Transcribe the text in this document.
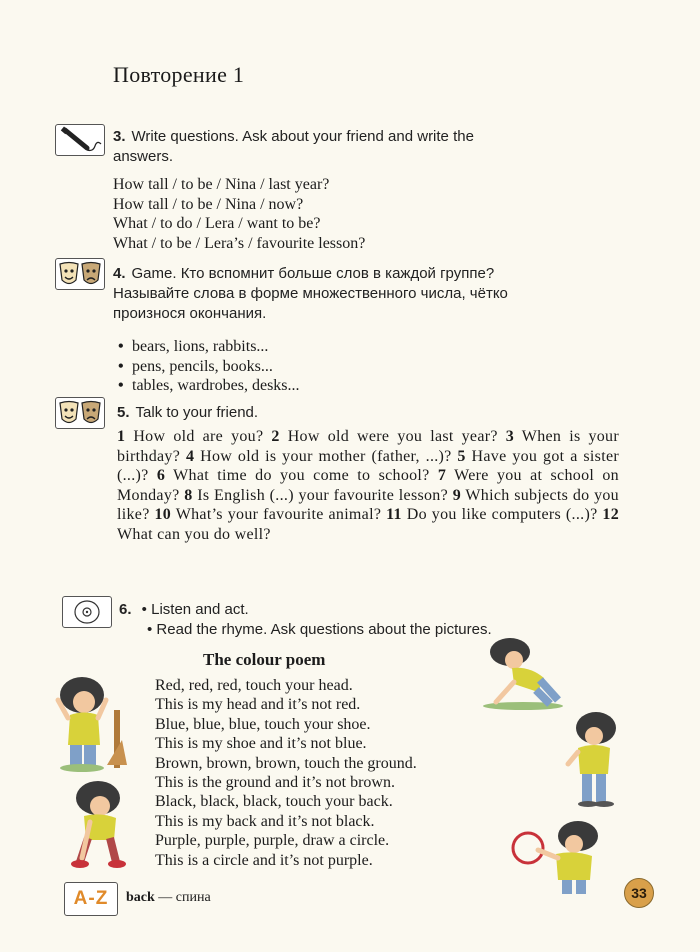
Повторение 1
3. Write questions. Ask about your friend and write the
answers.
How tall / to be / Nina / last year?
How tall / to be / Nina / now?
What / to do / Lera / want to be?
What / to be / Lera’s / favourite lesson?
4. Game. Кто вспомнит больше слов в каждой группе?
Называйте слова в форме множественного числа, чётко
произнося окончания.
• bears, lions, rabbits...
• pens, pencils, books...
• tables, wardrobes, desks...
5. Talk to your friend.
1 How old are you? 2 How old were you last year? 3 When is your birthday? 4 How old is your mother (father, ...)? 5 Have you got a sister (...)? 6 What time do you come to school? 7 Were you at school on Monday? 8 Is English (...) your favourite lesson? 9 Which subjects do you like? 10 What’s your favourite animal? 11 Do you like computers (...)? 12 What can you do well?
6. • Listen and act.
• Read the rhyme. Ask questions about the pictures.
The colour poem
Red, red, red, touch your head.
This is my head and it’s not red.
Blue, blue, blue, touch your shoe.
This is my shoe and it’s not blue.
Brown, brown, brown, touch the ground.
This is the ground and it’s not brown.
Black, black, black, touch your back.
This is my back and it’s not black.
Purple, purple, purple, draw a circle.
This is a circle and it’s not purple.
A-Z	back — спина	33
